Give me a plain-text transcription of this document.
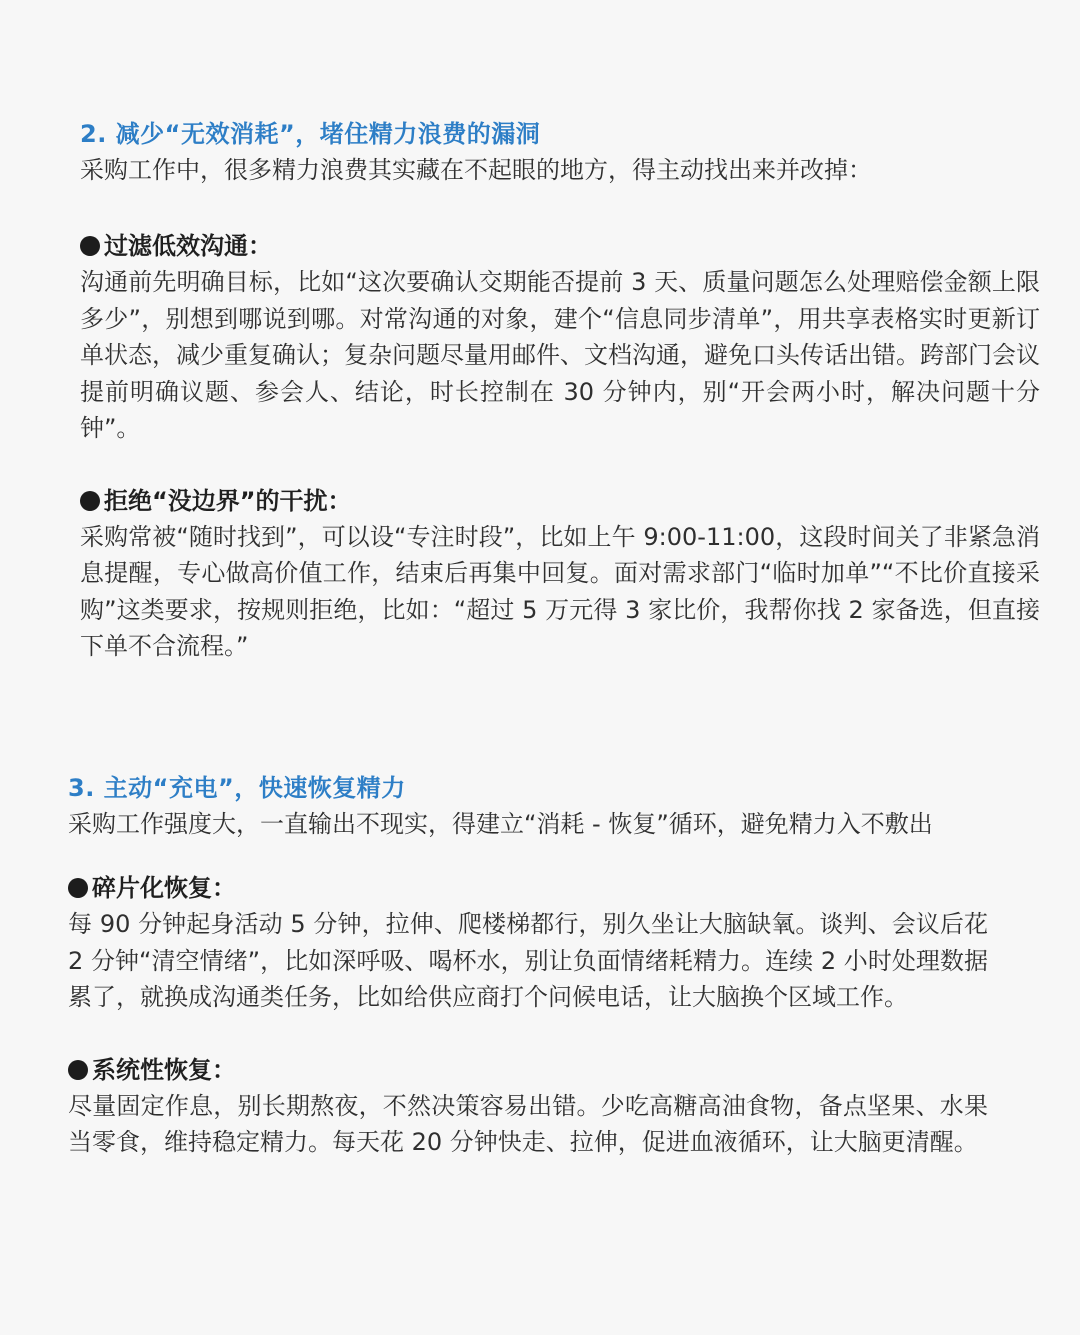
2. 减少“无效消耗”，堵住精力浪费的漏洞

采购工作中，很多精力浪费其实藏在不起眼的地方，得主动找出来并改掉：

过滤低效沟通：

沟通前先明确目标，比如“这次要确认交期能否提前 3 天、质量问题怎么处理赔偿金额上限多少”，别想到哪说到哪。对常沟通的对象，建个“信息同步清单”，用共享表格实时更新订单状态，减少重复确认；复杂问题尽量用邮件、文档沟通，避免口头传话出错。跨部门会议提前明确议题、参会人、结论，时长控制在 30 分钟内，别“开会两小时，解决问题十分钟”。

拒绝“没边界”的干扰：

采购常被“随时找到”，可以设“专注时段”，比如上午 9:00-11:00，这段时间关了非紧急消息提醒，专心做高价值工作，结束后再集中回复。面对需求部门“临时加单”“不比价直接采购”这类要求，按规则拒绝，比如：“超过 5 万元得 3 家比价，我帮你找 2 家备选，但直接下单不合流程。”

3. 主动“充电”，快速恢复精力

采购工作强度大，一直输出不现实，得建立“消耗 - 恢复”循环，避免精力入不敷出

碎片化恢复：

每 90 分钟起身活动 5 分钟，拉伸、爬楼梯都行，别久坐让大脑缺氧。谈判、会议后花 2 分钟“清空情绪”，比如深呼吸、喝杯水，别让负面情绪耗精力。连续 2 小时处理数据累了，就换成沟通类任务，比如给供应商打个问候电话，让大脑换个区域工作。

系统性恢复：

尽量固定作息，别长期熬夜，不然决策容易出错。少吃高糖高油食物，备点坚果、水果当零食，维持稳定精力。每天花 20 分钟快走、拉伸，促进血液循环，让大脑更清醒。
